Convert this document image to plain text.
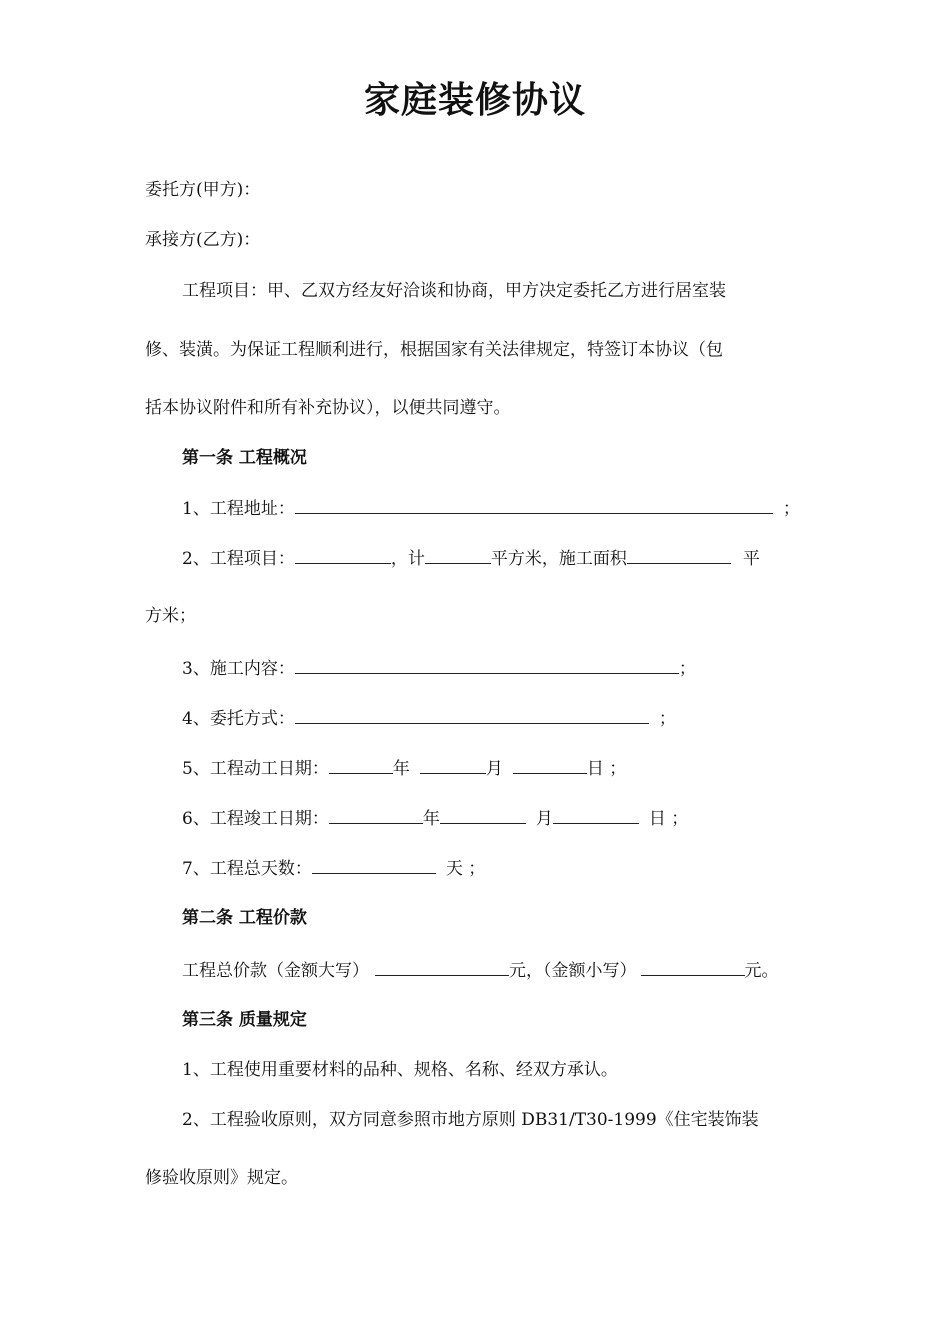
家庭装修协议
委托方(甲方)：
承接方(乙方)：
工程项目：甲、乙双方经友好洽谈和协商，甲方决定委托乙方进行居室装
修、装潢。为保证工程顺利进行，根据国家有关法律规定，特签订本协议（包
括本协议附件和所有补充协议），以便共同遵守。
第一条 工程概况
1、工程地址：	；
2、工程项目：	，计	平方米，施工面积	平
方米；
3、施工内容：	；
4、委托方式：	；
5、工程动工日期：	年	月	日 ；
6、工程竣工日期：	年	月	日 ；
7、工程总天数：	天 ；
第二条 工程价款
工程总价款（金额大写）	元，（金额小写）	元。
第三条 质量规定
1、工程使用重要材料的品种、规格、名称、经双方承认。
2、工程验收原则，双方同意参照市地方原则 DB31/T30-1999《住宅装饰装
修验收原则》规定。
